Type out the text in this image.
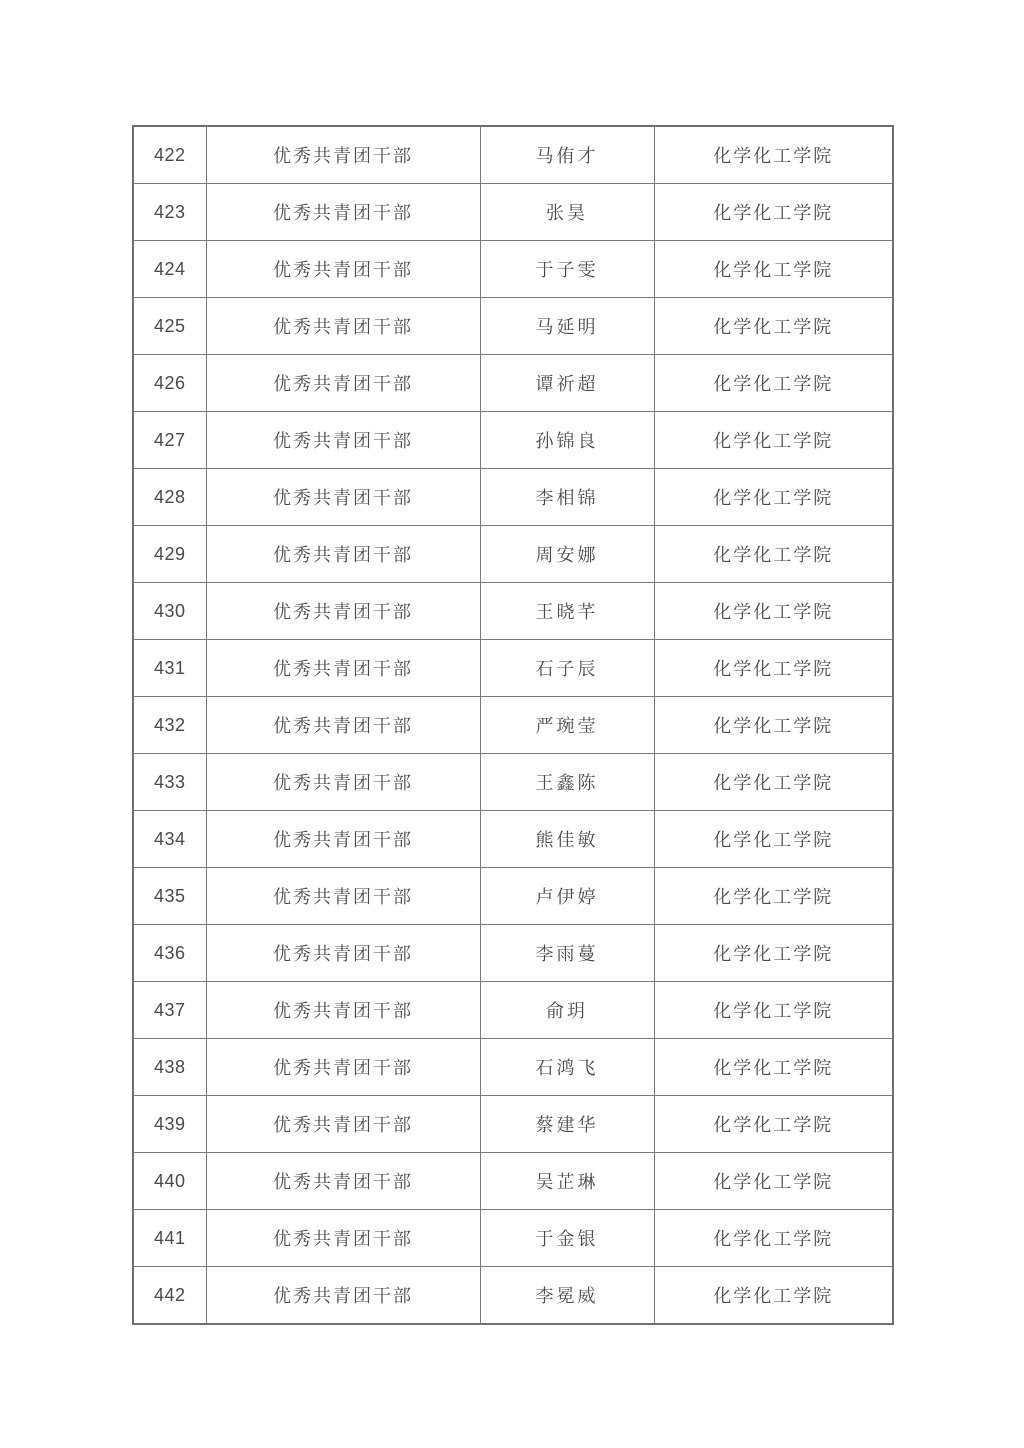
422	优秀共青团干部	马侑才	化学化工学院
423	优秀共青团干部	张昊	化学化工学院
424	优秀共青团干部	于子雯	化学化工学院
425	优秀共青团干部	马延明	化学化工学院
426	优秀共青团干部	谭祈超	化学化工学院
427	优秀共青团干部	孙锦良	化学化工学院
428	优秀共青团干部	李相锦	化学化工学院
429	优秀共青团干部	周安娜	化学化工学院
430	优秀共青团干部	王晓芊	化学化工学院
431	优秀共青团干部	石子辰	化学化工学院
432	优秀共青团干部	严琬莹	化学化工学院
433	优秀共青团干部	王鑫陈	化学化工学院
434	优秀共青团干部	熊佳敏	化学化工学院
435	优秀共青团干部	卢伊婷	化学化工学院
436	优秀共青团干部	李雨蔓	化学化工学院
437	优秀共青团干部	俞玥	化学化工学院
438	优秀共青团干部	石鸿飞	化学化工学院
439	优秀共青团干部	蔡建华	化学化工学院
440	优秀共青团干部	吴芷琳	化学化工学院
441	优秀共青团干部	于金银	化学化工学院
442	优秀共青团干部	李冕威	化学化工学院
